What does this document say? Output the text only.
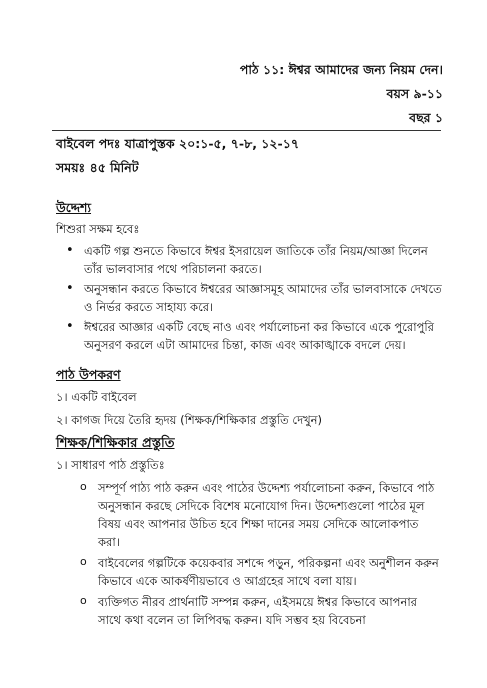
পাঠ ১১: ঈশ্বর আমাদের জন্য নিয়ম দেন।
বয়স ৯-১১
বছর ১
বাইবেল পদঃ যাত্রাপুস্তক ২০:১-৫, ৭-৮, ১২-১৭
সময়ঃ ৪৫ মিনিট
উদ্দেশ্য
শিশুরা সক্ষম হবেঃ
• একটি গল্প শুনতে কিভাবে ঈশ্বর ইসরায়েল জাতিকে তাঁর নিয়ম/আজ্ঞা দিলেন তাঁর ভালবাসার পথে পরিচালনা করতে।
• অনুসন্ধান করতে কিভাবে ঈশ্বরের আজ্ঞাসমূহ আমাদের তাঁর ভালবাসাকে দেখতে ও নির্ভর করতে সাহায্য করে।
• ঈশ্বরের আজ্ঞার একটি বেছে নাও এবং পর্যালোচনা কর কিভাবে একে পুরোপুরি অনুসরণ করলে এটা আমাদের চিন্তা, কাজ এবং আকাঙ্খাকে বদলে দেয়।
পাঠ উপকরণ
১। একটি বাইবেল
২। কাগজ দিয়ে তৈরি হৃদয় (শিক্ষক/শিক্ষিকার প্রস্তুতি দেখুন)
শিক্ষক/শিক্ষিকার প্রস্তুতি
১। সাধারণ পাঠ প্রস্তুতিঃ
o সম্পূর্ণ পাঠ্য পাঠ করুন এবং পাঠের উদ্দেশ্য পর্যালোচনা করুন, কিভাবে পাঠ অনুসন্ধান করছে সেদিকে বিশেষ মনোযোগ দিন। উদ্দেশ্যগুলো পাঠের মূল বিষয় এবং আপনার উচিত হবে শিক্ষা দানের সময় সেদিকে আলোকপাত করা।
o বাইবেলের গল্পটিকে কয়েকবার সশব্দে পড়ুন, পরিকল্পনা এবং অনুশীলন করুন কিভাবে একে আকর্ষণীয়ভাবে ও আগ্রহের সাথে বলা যায়।
o ব্যক্তিগত নীরব প্রার্থনাটি সম্পন্ন করুন, এইসময়ে ঈশ্বর কিভাবে আপনার সাথে কথা বলেন তা লিপিবদ্ধ করুন। যদি সম্ভব হয় বিবেচনা
